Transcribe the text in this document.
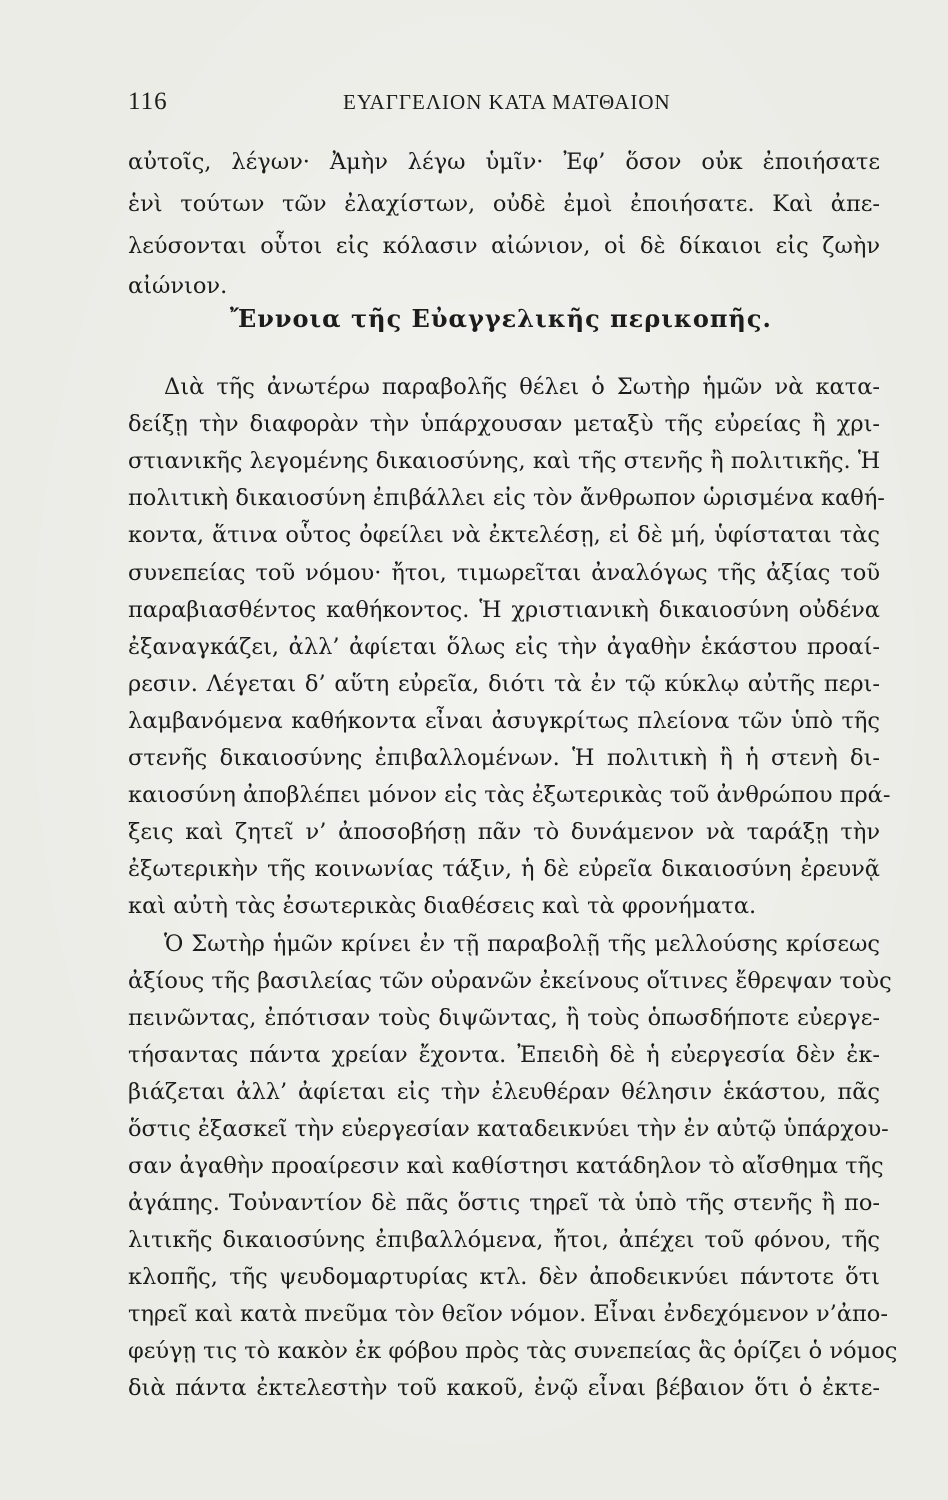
116	ΕΥΑΓΓΕΛΙΟΝ ΚΑΤΑ ΜΑΤΘΑΙΟΝ
αὐτοῖς, λέγων· Ἀμὴν λέγω ὑμῖν· Ἐφ’ ὅσον οὐκ ἐποιήσατε
ἑνὶ τούτων τῶν ἐλαχίστων, οὐδὲ ἐμοὶ ἐποιήσατε. Καὶ ἀπε-
λεύσονται οὗτοι εἰς κόλασιν αἰώνιον, οἱ δὲ δίκαιοι εἰς ζωὴν
αἰώνιον.
Ἔννοια τῆς Εὐαγγελικῆς περικοπῆς.
Διὰ τῆς ἀνωτέρω παραβολῆς θέλει ὁ Σωτὴρ ἡμῶν νὰ κατα-
δείξῃ τὴν διαφορὰν τὴν ὑπάρχουσαν μεταξὺ τῆς εὐρείας ἢ χρι-
στιανικῆς λεγομένης δικαιοσύνης, καὶ τῆς στενῆς ἢ πολιτικῆς. Ἡ
πολιτικὴ δικαιοσύνη ἐπιβάλλει εἰς τὸν ἄνθρωπον ὡρισμένα καθή-
κοντα, ἅτινα οὗτος ὀφείλει νὰ ἐκτελέσῃ, εἰ δὲ μή, ὑφίσταται τὰς
συνεπείας τοῦ νόμου· ἤτοι, τιμωρεῖται ἀναλόγως τῆς ἀξίας τοῦ
παραβιασθέντος καθήκοντος. Ἡ χριστιανικὴ δικαιοσύνη οὐδένα
ἐξαναγκάζει, ἀλλ’ ἀφίεται ὅλως εἰς τὴν ἀγαθὴν ἑκάστου προαί-
ρεσιν. Λέγεται δ’ αὕτη εὐρεῖα, διότι τὰ ἐν τῷ κύκλῳ αὐτῆς περι-
λαμβανόμενα καθήκοντα εἶναι ἀσυγκρίτως πλείονα τῶν ὑπὸ τῆς
στενῆς δικαιοσύνης ἐπιβαλλομένων. Ἡ πολιτικὴ ἢ ἡ στενὴ δι-
καιοσύνη ἀποβλέπει μόνον εἰς τὰς ἐξωτερικὰς τοῦ ἀνθρώπου πρά-
ξεις καὶ ζητεῖ ν’ ἀποσοβήσῃ πᾶν τὸ δυνάμενον νὰ ταράξῃ τὴν
ἐξωτερικὴν τῆς κοινωνίας τάξιν, ἡ δὲ εὐρεῖα δικαιοσύνη ἐρευνᾷ
καὶ αὐτὴ τὰς ἐσωτερικὰς διαθέσεις καὶ τὰ φρονήματα.
Ὁ Σωτὴρ ἡμῶν κρίνει ἐν τῇ παραβολῇ τῆς μελλούσης κρίσεως
ἀξίους τῆς βασιλείας τῶν οὐρανῶν ἐκείνους οἵτινες ἔθρεψαν τοὺς
πεινῶντας, ἐπότισαν τοὺς διψῶντας, ἢ τοὺς ὁπωσδήποτε εὐεργε-
τήσαντας πάντα χρείαν ἔχοντα. Ἐπειδὴ δὲ ἡ εὐεργεσία δὲν ἐκ-
βιάζεται ἀλλ’ ἀφίεται εἰς τὴν ἐλευθέραν θέλησιν ἑκάστου, πᾶς
ὅστις ἐξασκεῖ τὴν εὐεργεσίαν καταδεικνύει τὴν ἐν αὐτῷ ὑπάρχου-
σαν ἀγαθὴν προαίρεσιν καὶ καθίστησι κατάδηλον τὸ αἴσθημα τῆς
ἀγάπης. Τοὐναντίον δὲ πᾶς ὅστις τηρεῖ τὰ ὑπὸ τῆς στενῆς ἢ πο-
λιτικῆς δικαιοσύνης ἐπιβαλλόμενα, ἤτοι, ἀπέχει τοῦ φόνου, τῆς
κλοπῆς, τῆς ψευδομαρτυρίας κτλ. δὲν ἀποδεικνύει πάντοτε ὅτι
τηρεῖ καὶ κατὰ πνεῦμα τὸν θεῖον νόμον. Εἶναι ἐνδεχόμενον ν’ἀπο-
φεύγῃ τις τὸ κακὸν ἐκ φόβου πρὸς τὰς συνεπείας ἃς ὁρίζει ὁ νόμος
διὰ πάντα ἐκτελεστὴν τοῦ κακοῦ, ἐνῷ εἶναι βέβαιον ὅτι ὁ ἐκτε-
